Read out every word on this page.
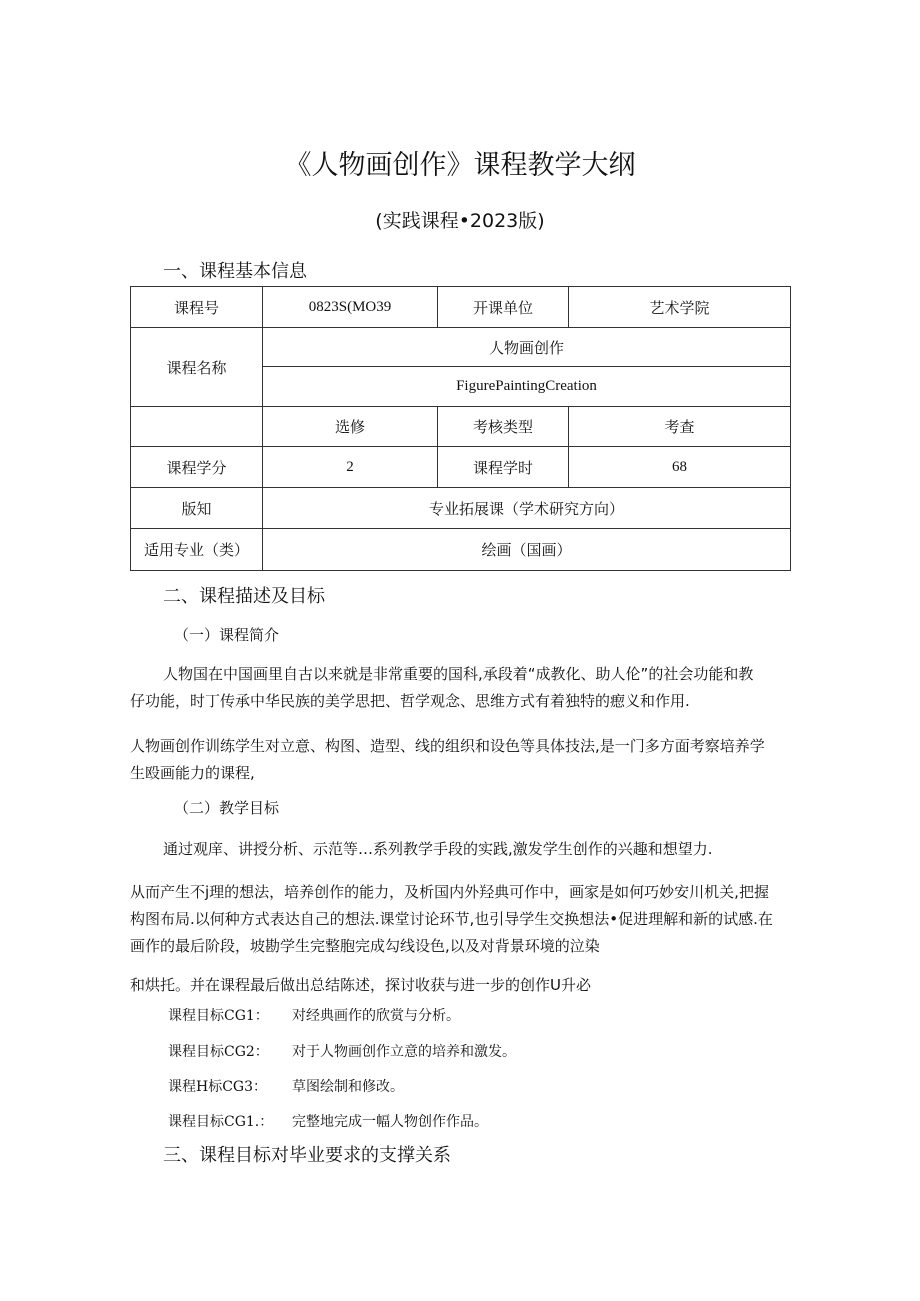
《人物画创作》课程教学大纲
(实践课程•2023版)
一、课程基本信息
课程号	0823S(MO39	开课单位	艺术学院
课程名称	人物画创作		
	FigurePaintingCreation		
	选修	考核类型	考查
课程学分	2	课程学时	68
版知	专业拓展课（学术研究方向）		
适用专业（类）	绘画（国画）		
二、课程描述及目标
（一）课程简介
人物国在中国画里自古以来就是非常重要的国科,承段着“成教化、助人伦”的社会功能和教
仔功能，时丁传承中华民族的美学思把、哲学观念、思维方式有着独特的瘛义和作用.
人物画创作训练学生对立意、构图、造型、线的组织和设色等具体技法,是一门多方面考察培养学
生殴画能力的课程,
（二）教学目标
通过观庠、讲授分析、示范等…系列教学手段的实践,激发学生创作的兴趣和想望力.
从而产生不j理的想法，培养创作的能力，及析国内外羟典可作中，画家是如何巧妙安川机关,把握
构图布局.以何种方式表达自己的想法.课堂讨论环节,也引导学生交换想法•促进理解和新的试感.在
画作的最后阶段，坡勘学生完整胞完成勾线设色,以及对背景环境的泣染
和烘托。并在课程最后做出总结陈述，探讨收获与进一步的创作U升必
课程目标CG1： 对经典画作的欣赏与分析。
课程目标CG2： 对于人物画创作立意的培养和激发。
课程H标CG3： 草图绘制和修改。
课程目标CG1.： 完整地完成一幅人物创作作品。
三、课程目标对毕业要求的支撑关系
